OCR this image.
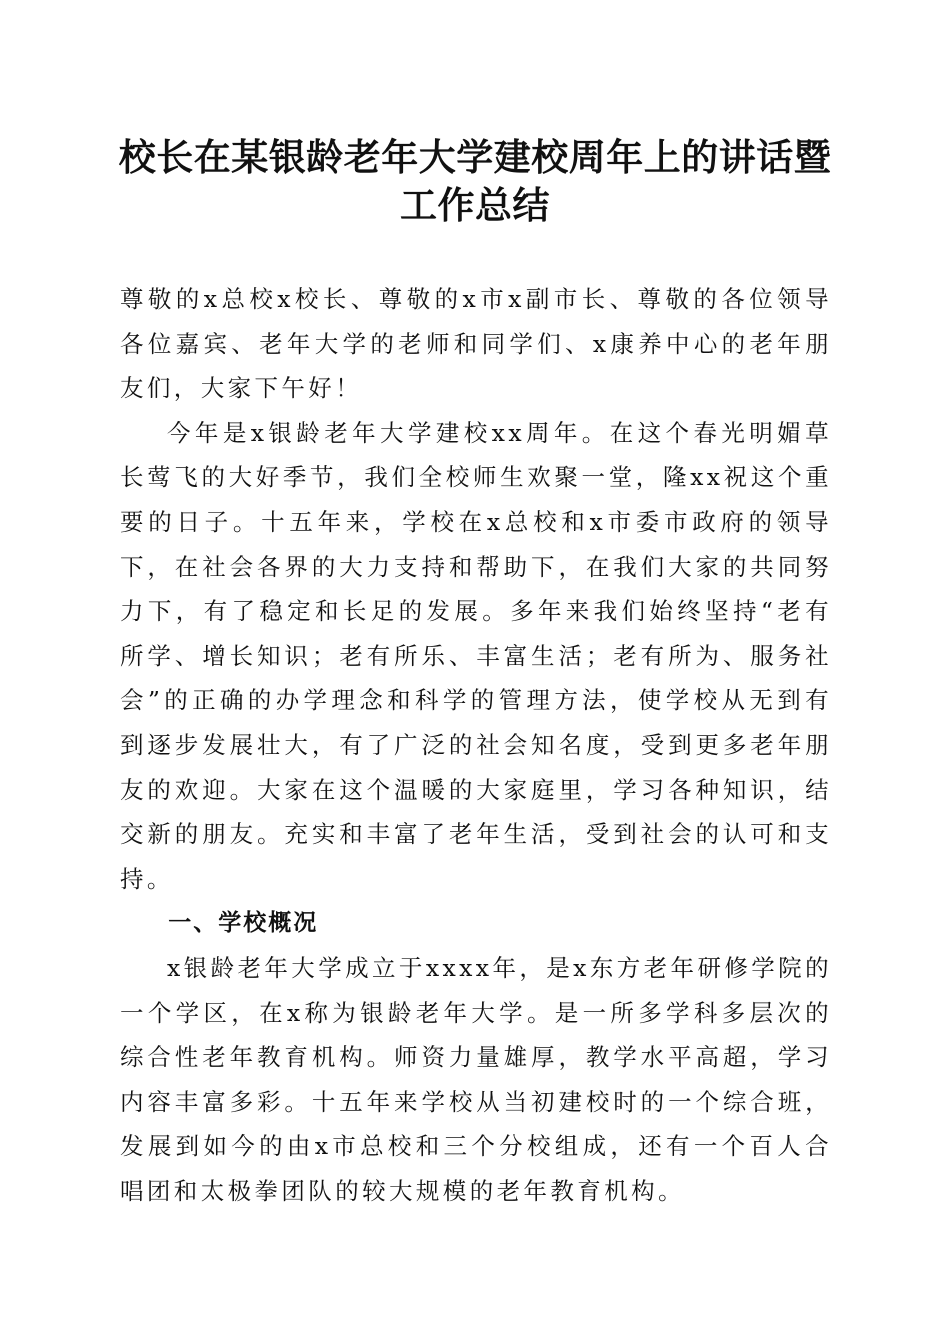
校长在某银龄老年大学建校周年上的讲话暨工作总结

尊敬的x总校x校长、尊敬的x市x副市长、尊敬的各位领导各位嘉宾、老年大学的老师和同学们、x康养中心的老年朋友们，大家下午好！

今年是x银龄老年大学建校xx周年。在这个春光明媚草长莺飞的大好季节，我们全校师生欢聚一堂，隆xx祝这个重要的日子。十五年来，学校在x总校和x市委市政府的领导下，在社会各界的大力支持和帮助下，在我们大家的共同努力下，有了稳定和长足的发展。多年来我们始终坚持“老有所学、增长知识；老有所乐、丰富生活；老有所为、服务社会”的正确的办学理念和科学的管理方法，使学校从无到有到逐步发展壮大，有了广泛的社会知名度，受到更多老年朋友的欢迎。大家在这个温暖的大家庭里，学习各种知识，结交新的朋友。充实和丰富了老年生活，受到社会的认可和支持。

一、学校概况

x银龄老年大学成立于xxxx年，是x东方老年研修学院的一个学区，在x称为银龄老年大学。是一所多学科多层次的综合性老年教育机构。师资力量雄厚，教学水平高超，学习内容丰富多彩。十五年来学校从当初建校时的一个综合班，发展到如今的由x市总校和三个分校组成，还有一个百人合唱团和太极拳团队的较大规模的老年教育机构。
